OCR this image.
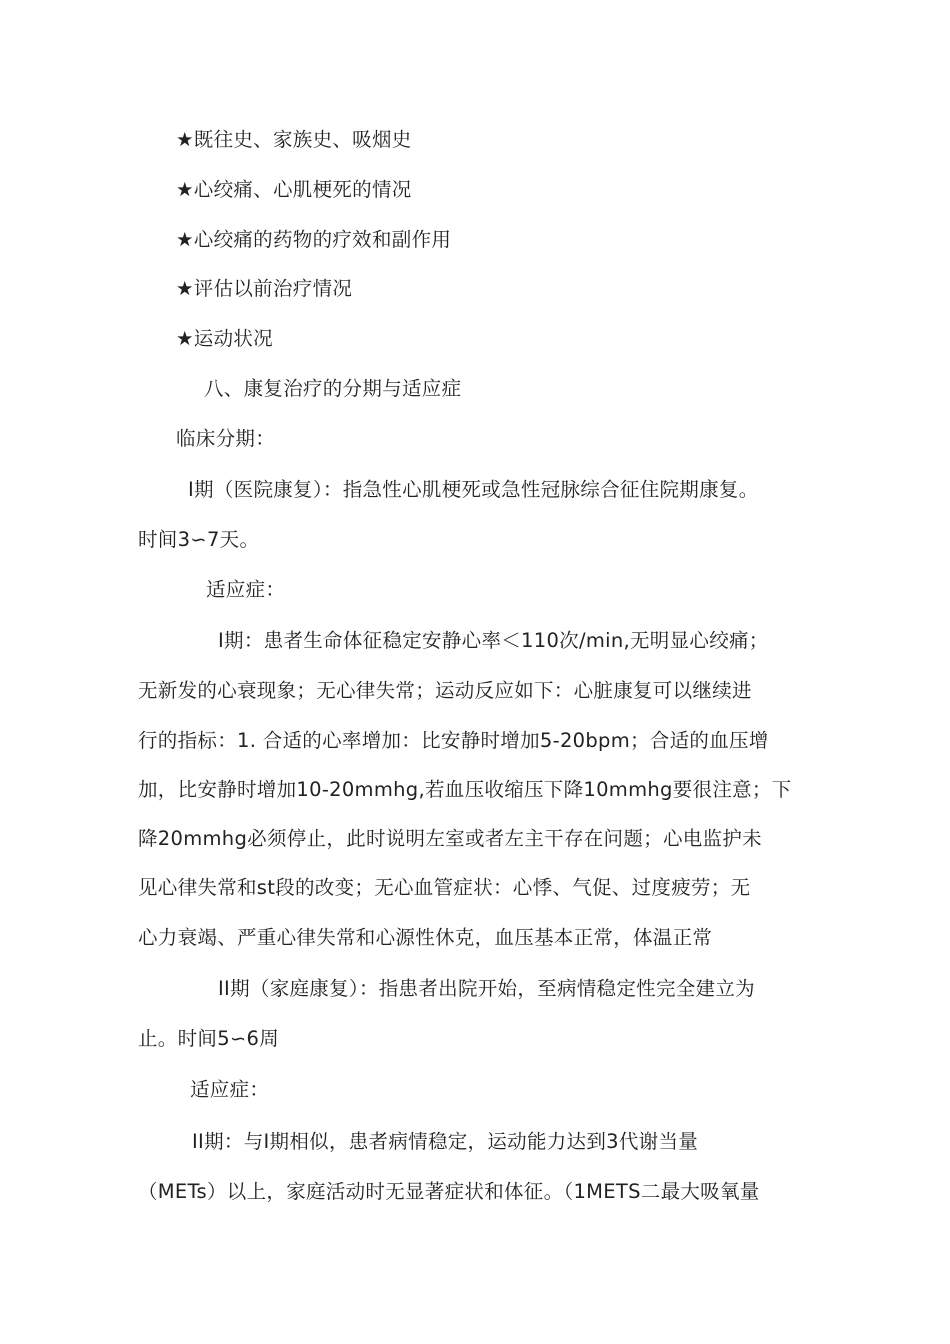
★既往史、家族史、吸烟史
★心绞痛、心肌梗死的情况
★心绞痛的药物的疗效和副作用
★评估以前治疗情况
★运动状况
八、康复治疗的分期与适应症
临床分期：
I期（医院康复）：指急性心肌梗死或急性冠脉综合征住院期康复。
时间3∽7天。
适应症：
I期：患者生命体征稳定安静心率＜110次/min,无明显心绞痛；
无新发的心衰现象；无心律失常；运动反应如下：心脏康复可以继续进
行的指标：1. 合适的心率增加：比安静时增加5-20bpm；合适的血压增
加，比安静时增加10-20mmhg,若血压收缩压下降10mmhg要很注意；下
降20mmhg必须停止，此时说明左室或者左主干存在问题；心电监护未
见心律失常和st段的改变；无心血管症状：心悸、气促、过度疲劳；无
心力衰竭、严重心律失常和心源性休克，血压基本正常，体温正常
II期（家庭康复）：指患者出院开始，至病情稳定性完全建立为
止。时间5∽6周
适应症：
II期：与I期相似，患者病情稳定，运动能力达到3代谢当量
（METs）以上，家庭活动时无显著症状和体征。（1METS二最大吸氧量
